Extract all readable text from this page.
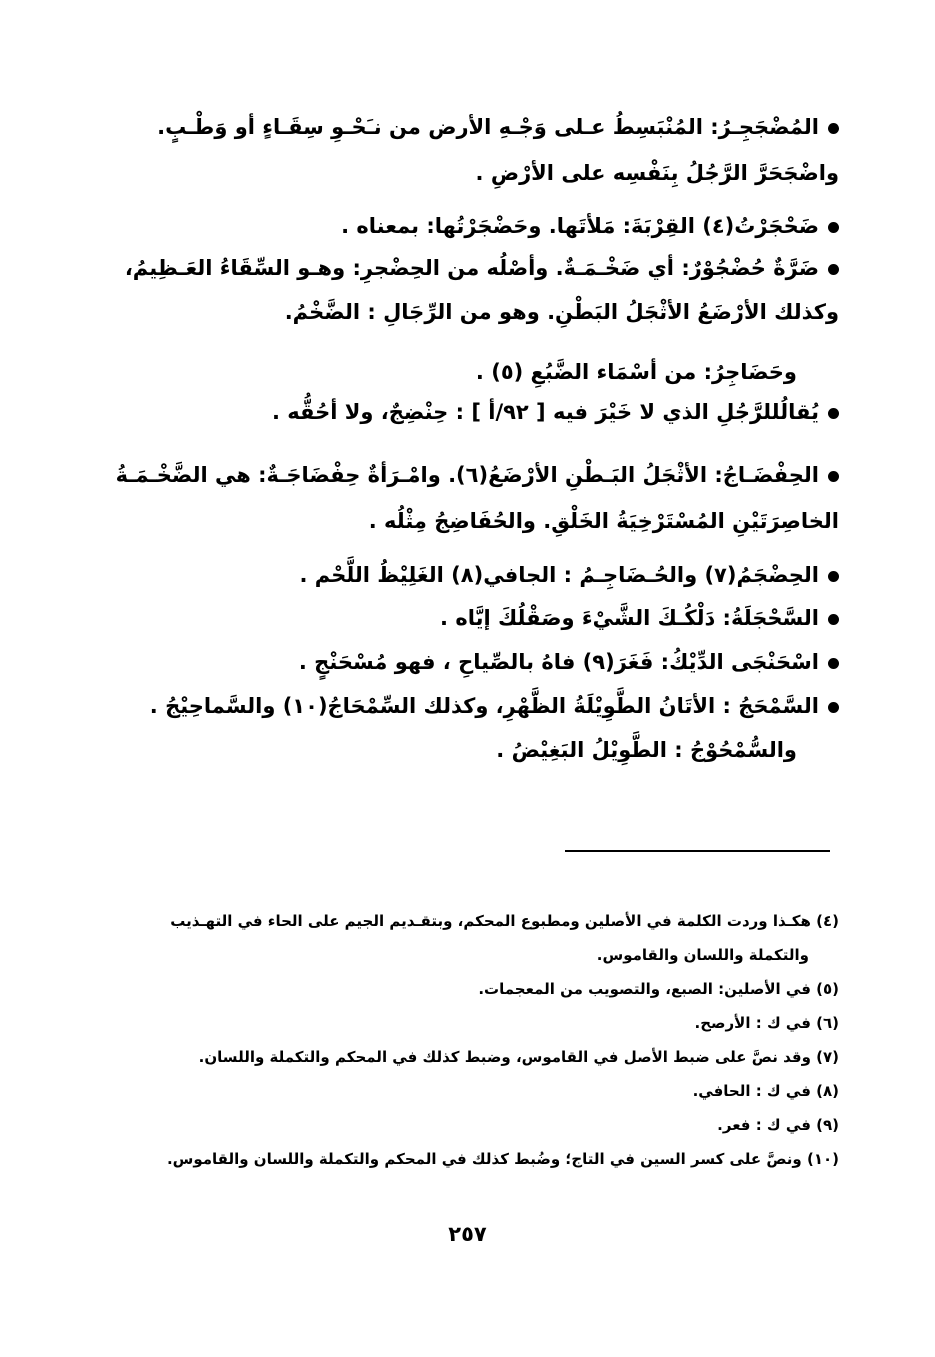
المُضْجَجِـرُ: المُنْبَسِطُ عـلى وَجْـهِ الأرض من نـَحْـوِ سِقَـاءٍ أو وَطْـبٍ.
واضْجَحَرَّ الرَّجُلُ بِنَفْسِه على الأرْضِ .
ضَحْجَرْتُ(٤) القِرْبَةَ: مَلأتَها. وحَضْجَرْتُها: بمعناه .
ضَرَّةٌ حُضْجُوْرٌ: أي ضَخْـمَـةٌ. وأصْلُه من الحِضْجرِ: وهـو السِّقَاءُ العَـظِيمُ،
وكذلك الأرْضَعُ الأثْجَلُ البَطْنِ. وهو من الرِّجَالِ : الضَّخْمُ.
وحَضَاجِرُ: من أسْمَاء الضَّبُعِ (٥) .
يُقالُللرَّجُلِ الذي لا خَيْرَ فيه [ ٩٢/أ ] : حِنْضِجٌ، ولا أحُقُّه .
الحِفْضَـاجُ: الأثْجَلُ البَـطْنِ الأرْضَعُ(٦). وامْـرَأةٌ حِفْضَاجَـةٌ: هي الضَّخْـمَـةُ
الخاصِرَتَيْنِ المُسْتَرْخِيَةُ الخَلْقِ. والحُفَاضِجُ مِثْلُه .
الحِضْجَمُ(٧) والحُـضَاجِـمُ : الجافي(٨) الغَلِيْظُ اللَّحْم .
السَّحْجَلَةُ: دَلْكُـكَ الشَّيْءَ وصَقْلُكَ إيَّاه .
اسْحَنْجَى الدِّيْكُ: فَغَرَ(٩) فاهُ بالصِّياحِ ، فهو مُسْحَنْجٍ .
السَّمْحَجُ : الأتَانُ الطَّوِيْلَةُ الظَّهْرِ، وكذلك السِّمْحَاجُ(١٠) والسَّماحِيْجُ .
والسُّمْحُوْجُ : الطَّوِيْلُ البَغِيْضُ .
(٤) هكـذا وردت الكلمة في الأصلين ومطبوع المحكم، وبتقـديم الجيم على الحاء في التهـذيب
والتكملة واللسان والقاموس.
(٥) في الأصلين: الصبع، والتصويب من المعجمات.
(٦) في ك : الأرصح.
(٧) وقد نصَّ على ضبط الأصل في القاموس، وضبط كذلك في المحكم والتكملة واللسان.
(٨) في ك : الحافي.
(٩) في ك : فعر.
(١٠) ونصَّ على كسر السين في التاج؛ وضُبط كذلك في المحكم والتكملة واللسان والقاموس.
٢٥٧
